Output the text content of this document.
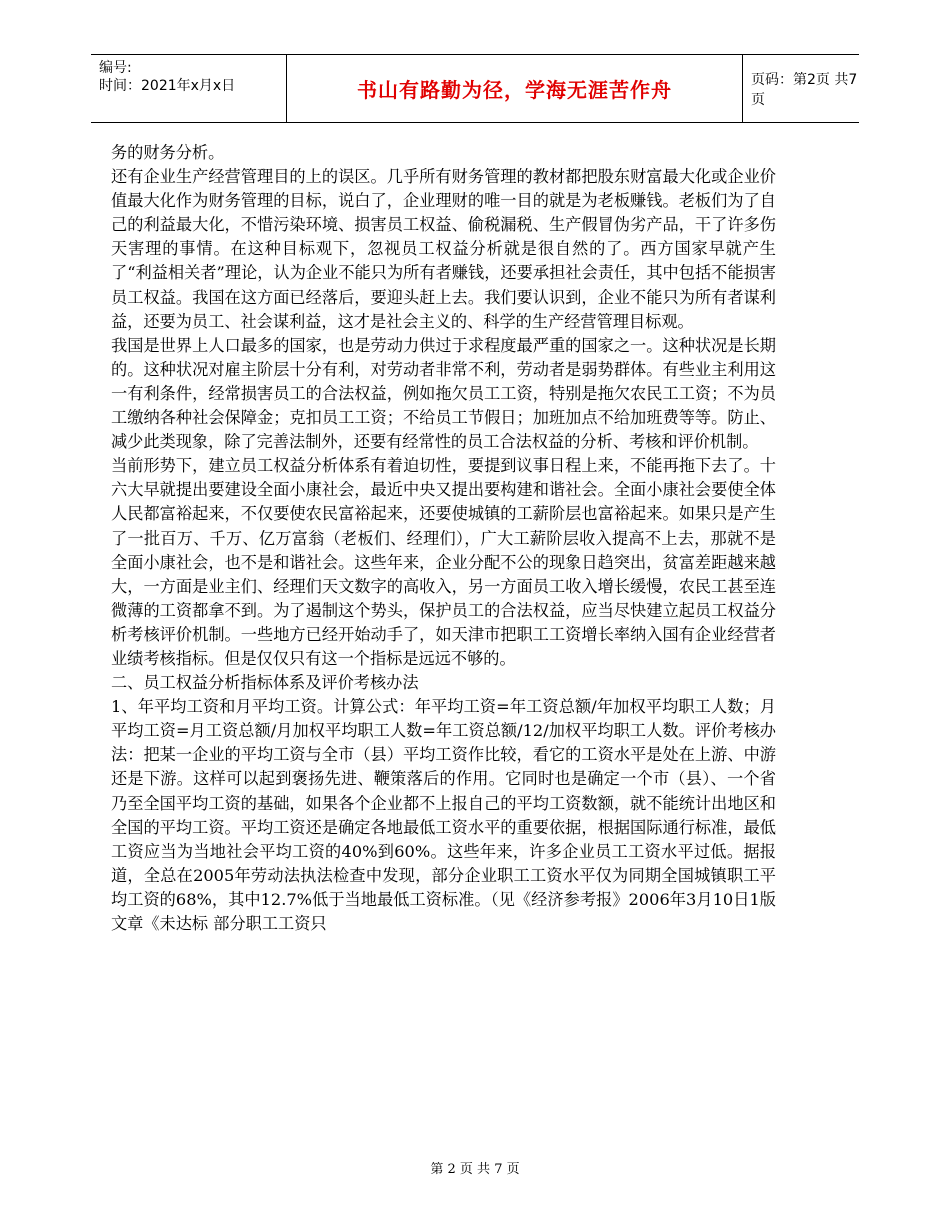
编号:
时间：2021年x月x日	书山有路勤为径，学海无涯苦作舟	页码：第2页 共7页

务的财务分析。

还有企业生产经营管理目的上的误区。几乎所有财务管理的教材都把股东财富最大化或企业价值最大化作为财务管理的目标，说白了，企业理财的唯一目的就是为老板赚钱。老板们为了自己的利益最大化，不惜污染环境、损害员工权益、偷税漏税、生产假冒伪劣产品，干了许多伤天害理的事情。在这种目标观下，忽视员工权益分析就是很自然的了。西方国家早就产生了“利益相关者”理论，认为企业不能只为所有者赚钱，还要承担社会责任，其中包括不能损害员工权益。我国在这方面已经落后，要迎头赶上去。我们要认识到，企业不能只为所有者谋利益，还要为员工、社会谋利益，这才是社会主义的、科学的生产经营管理目标观。

我国是世界上人口最多的国家，也是劳动力供过于求程度最严重的国家之一。这种状况是长期的。这种状况对雇主阶层十分有利，对劳动者非常不利，劳动者是弱势群体。有些业主利用这一有利条件，经常损害员工的合法权益，例如拖欠员工工资，特别是拖欠农民工工资；不为员工缴纳各种社会保障金；克扣员工工资；不给员工节假日；加班加点不给加班费等等。防止、减少此类现象，除了完善法制外，还要有经常性的员工合法权益的分析、考核和评价机制。

当前形势下，建立员工权益分析体系有着迫切性，要提到议事日程上来，不能再拖下去了。十六大早就提出要建设全面小康社会，最近中央又提出要构建和谐社会。全面小康社会要使全体人民都富裕起来，不仅要使农民富裕起来，还要使城镇的工薪阶层也富裕起来。如果只是产生了一批百万、千万、亿万富翁（老板们、经理们），广大工薪阶层收入提高不上去，那就不是全面小康社会，也不是和谐社会。这些年来，企业分配不公的现象日趋突出，贫富差距越来越大，一方面是业主们、经理们天文数字的高收入，另一方面员工收入增长缓慢，农民工甚至连微薄的工资都拿不到。为了遏制这个势头，保护员工的合法权益，应当尽快建立起员工权益分析考核评价机制。一些地方已经开始动手了，如天津市把职工工资增长率纳入国有企业经营者业绩考核指标。但是仅仅只有这一个指标是远远不够的。

二、员工权益分析指标体系及评价考核办法

1、年平均工资和月平均工资。计算公式：年平均工资=年工资总额/年加权平均职工人数；月平均工资=月工资总额/月加权平均职工人数=年工资总额/12/加权平均职工人数。评价考核办法：把某一企业的平均工资与全市（县）平均工资作比较，看它的工资水平是处在上游、中游还是下游。这样可以起到褒扬先进、鞭策落后的作用。它同时也是确定一个市（县）、一个省乃至全国平均工资的基础，如果各个企业都不上报自己的平均工资数额，就不能统计出地区和全国的平均工资。平均工资还是确定各地最低工资水平的重要依据，根据国际通行标准，最低工资应当为当地社会平均工资的40%到60%。这些年来，许多企业员工工资水平过低。据报道，全总在2005年劳动法执法检查中发现，部分企业职工工资水平仅为同期全国城镇职工平均工资的68%，其中12.7%低于当地最低工资标准。（见《经济参考报》2006年3月10日1版文章《未达标 部分职工工资只

第 2 页 共 7 页
